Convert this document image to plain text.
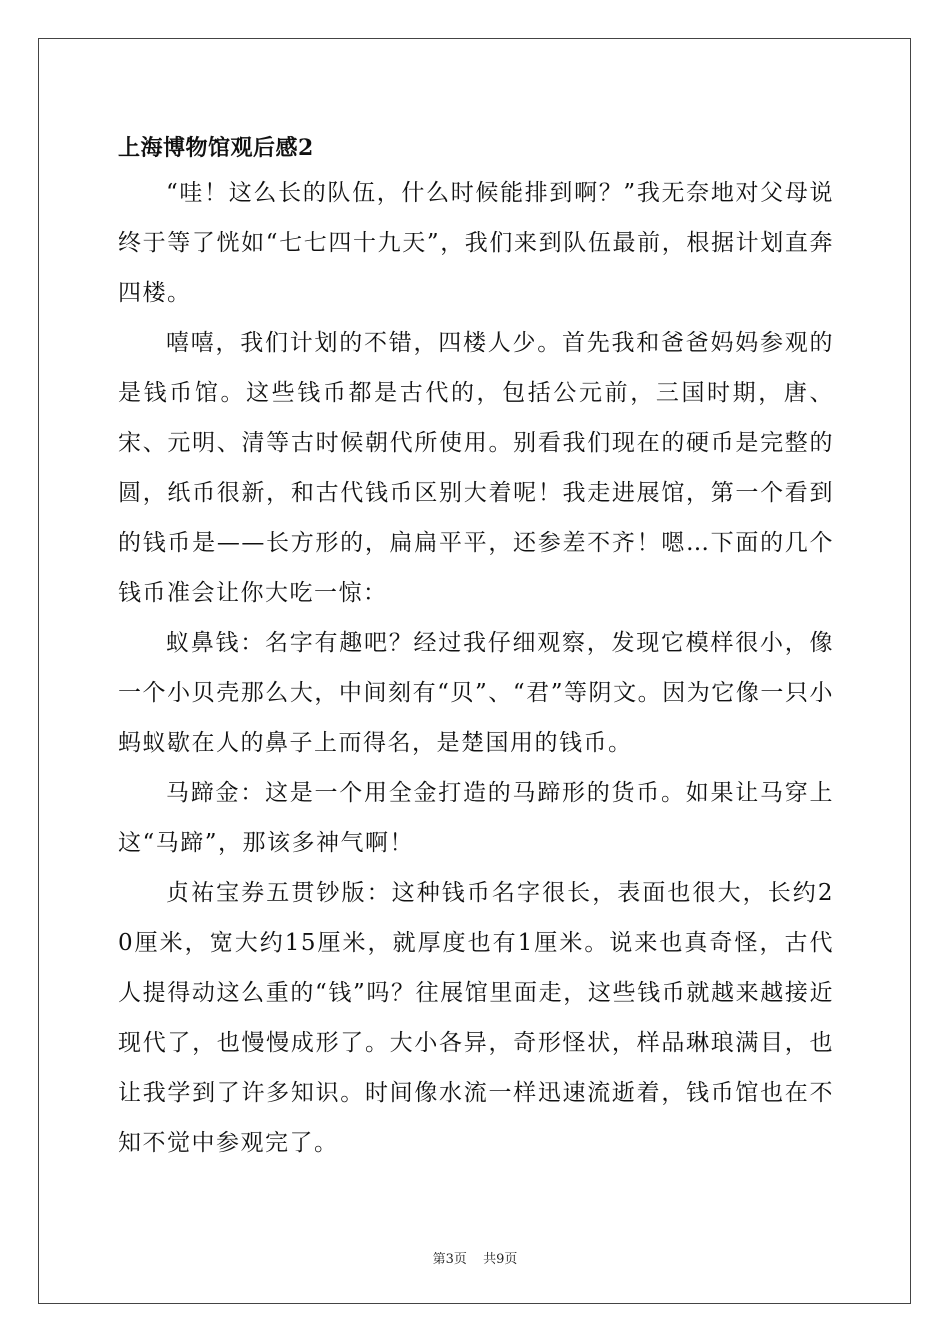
上海博物馆观后感2

“哇！这么长的队伍，什么时候能排到啊？”我无奈地对父母说终于等了恍如“七七四十九天”，我们来到队伍最前，根据计划直奔四楼。

嘻嘻，我们计划的不错，四楼人少。首先我和爸爸妈妈参观的是钱币馆。这些钱币都是古代的，包括公元前，三国时期，唐、宋、元明、清等古时候朝代所使用。别看我们现在的硬币是完整的圆，纸币很新，和古代钱币区别大着呢！我走进展馆，第一个看到的钱币是——长方形的，扁扁平平，还参差不齐！嗯…下面的几个钱币准会让你大吃一惊：

蚁鼻钱：名字有趣吧？经过我仔细观察，发现它模样很小，像一个小贝壳那么大，中间刻有“贝”、“君”等阴文。因为它像一只小蚂蚁歇在人的鼻子上而得名，是楚国用的钱币。

马蹄金：这是一个用全金打造的马蹄形的货币。如果让马穿上这“马蹄”，那该多神气啊！

贞祐宝券五贯钞版：这种钱币名字很长，表面也很大，长约20厘米，宽大约15厘米，就厚度也有1厘米。说来也真奇怪，古代人提得动这么重的“钱”吗？往展馆里面走，这些钱币就越来越接近现代了，也慢慢成形了。大小各异，奇形怪状，样品琳琅满目，也让我学到了许多知识。时间像水流一样迅速流逝着，钱币馆也在不知不觉中参观完了。

第3页 共9页
